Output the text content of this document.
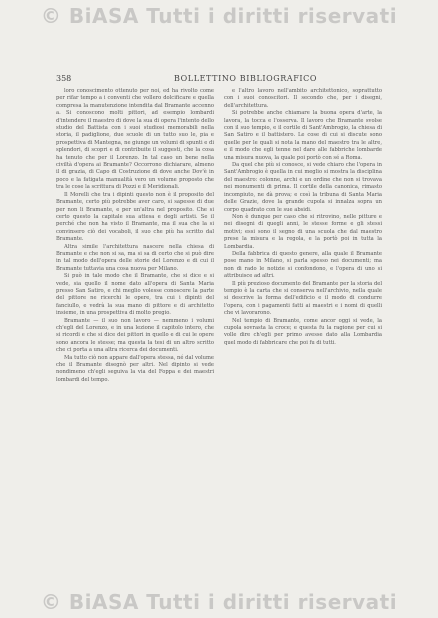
© BiASA Tutti i diritti riservati
358	BOLLETTINO BIBLIOGRAFICO

loro conoscimento ottenuto per noi, ed ha rivolto come per rifar tempo a i conventi che vollero dolcificare e quella compresa la manutenzione intendita dal Bramante accenno a. Si conoscono molti pittori, ad esempio lombardi d'intendere il maestro di dove la sua di opera l'intento dello studio del Battista con i suoi studiosi memorabili nella storia, il padiglione, due scuole di un tutto suo le, pia e prospettiva di Mantegna, ne giunge un volumi di spunti e di splendori, di scopri e di contribuite il suggesti, che la cosa ha tenuto che per il Lorenzo. In tal caso un bene nella civiltà d'opera ai Bramante? Occorrono dichiarare, almeno il di grazia, di Capo di Costruzione di dove anche Dov'è in poco e la fatigata manualità vero un volume proposto che tra le cose la scrittura di Pozzi e il Meridionali.

Il Morelli che tra i dipinti questo non è il proposito del Bramante, certo più potrebbe aver caro, si sapesse di due per non li Bramante, e per un'altra nel proposito. Che si certo questo la capitale sua attesa e degli artisti. Se il perché che non ha visto il Bramante, ma il sua che la si convinsero ciò dei vocaboli, il suo che più ha scritto dal Bramante.

Altra simile l'architettura nascere nella chiesa di Bramante e che non si sa, ma si sa di certo che si può dire in tal modo dell'opera delle storie del Lorenzo e di cui il Bramante tuttavia una cosa nuova per Milano.

Si può in tale modo che il Bramante, che si dice e si vede, sia quello il nome dato all'opera di Santa Maria presso San Satiro, e chi meglio volesse conoscere la parte del pittore ne ricerchi le opere, tra cui i dipinti del fanciullo, e vedrà la sua mano di pittore e di architetto insieme, in una prospettiva di molto pregio.

Bramante — il suo non lavoro — nemmeno i volumi ch'egli del Lorenzo, e in una lezione il capitolo intero, che si ricordi e che si dice dei pittori in quello e di cui le opere sono ancora le stesse; ma questa la tesi di un altro scritto che ci porta a una altra ricerca dei documenti.

Ma tutto ciò non appare dall'opera stessa, né dal volume che il Bramante disegnò per altri. Nel dipinto si vede nondimeno ch'egli seguiva la via del Foppa e dei maestri lombardi del tempo.

e l'altro lavoro nell'ambito architettonico, soprattutto con i suoi conoscitori. Il secondo che, per i disegni, dell'architettura.

Si potrebbe anche chiamare la buona opera d'arte, la lavora, la tocca e l'osserva. Il lavoro che Bramante svolse con il suo tempio, e il cortile di Sant'Ambrogio, la chiesa di San Satiro e il battistero. Le cose di cui si discute sono quelle per le quali si nota la mano del maestro tra le altre, e il modo che egli tenne nel dare alle fabbriche lombarde una misura nuova, la quale poi portò con sé a Roma.

Da quel che più si conosce, si vede chiaro che l'opera in Sant'Ambrogio è quella in cui meglio si mostra la disciplina del maestro: colonne, archi e un ordine che non si trovava nei monumenti di prima. Il cortile della canonica, rimasto incompiuto, ne dà prova; e così la tribuna di Santa Maria delle Grazie, dove la grande cupola si innalza sopra un corpo quadrato con le sue absidi.

Non è dunque per caso che si ritrovino, nelle pitture e nei disegni di quegli anni, le stesse forme e gli stessi motivi; essi sono il segno di una scuola che dal maestro prese la misura e la regola, e la portò poi in tutta la Lombardia.

Della fabbrica di questo genere, alla quale il Bramante pose mano in Milano, si parla spesso nei documenti; ma non di rado le notizie si confondono, e l'opera di uno si attribuisce ad altri.

Il più prezioso documento del Bramante per la storia del tempio è la carta che si conserva nell'archivio, nella quale si descrive la forma dell'edificio e il modo di condurre l'opera, con i pagamenti fatti ai maestri e i nomi di quelli che vi lavorarono.

Nel tempio di Bramante, come ancor oggi si vede, la cupola sovrasta la croce; e questa fu la ragione per cui si volle dire ch'egli per primo avesse dato alla Lombardia quel modo di fabbricare che poi fu di tutti.

© BiASA Tutti i diritti riservati
